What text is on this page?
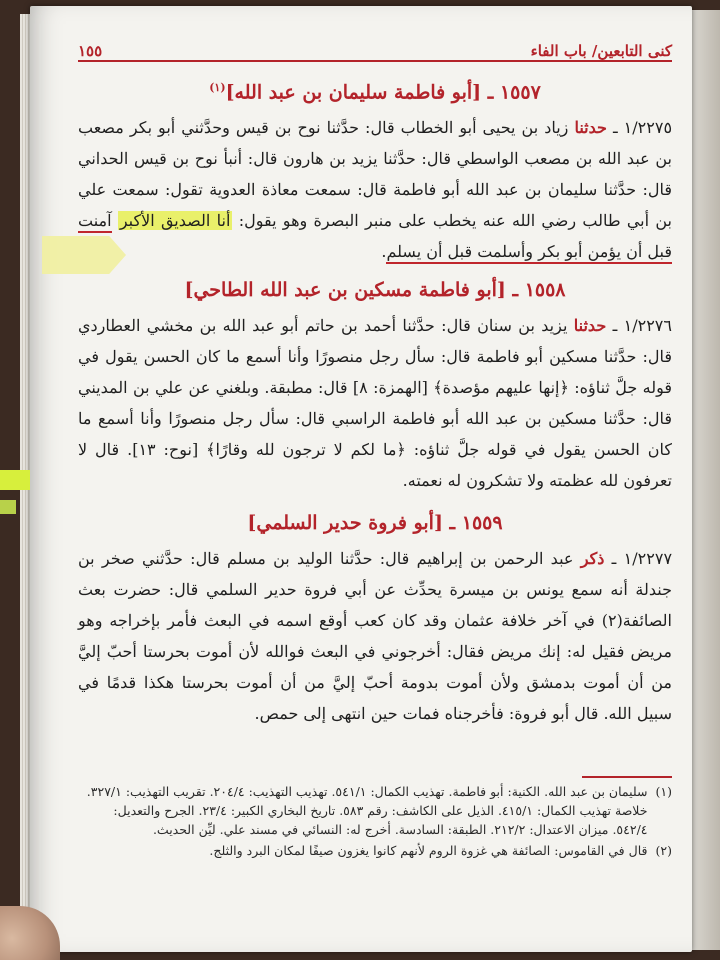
كنى التابعين/ باب الفاء
١٥٥
١٥٥٧ ـ [أبو فاطمة سليمان بن عبد الله]$^{(١)}$

١/٢٢٧٥ ـ حدثنا زياد بن يحيى أبو الخطاب قال: حدَّثنا نوح بن قيس وحدَّثني أبو بكر مصعب بن عبد الله بن مصعب الواسطي قال: حدَّثنا يزيد بن هارون قال: أنبأ نوح بن قيس الحداني قال: حدَّثنا سليمان بن عبد الله أبو فاطمة قال: سمعت معاذة العدوية تقول: سمعت علي بن أبي طالب رضي الله عنه يخطب على منبر البصرة وهو يقول: أنا الصديق الأكبر آمنت قبل أن يؤمن أبو بكر وأسلمت قبل أن يسلم.

١٥٥٨ ـ [أبو فاطمة مسكين بن عبد الله الطاحي]

١/٢٢٧٦ ـ حدثنا يزيد بن سنان قال: حدَّثنا أحمد بن حاتم أبو عبد الله بن مخشي العطاردي قال: حدَّثنا مسكين أبو فاطمة قال: سأل رجل منصورًا وأنا أسمع ما كان الحسن يقول في قوله جلَّ ثناؤه: ﴿إنها عليهم مؤصدة﴾ [الهمزة: ٨] قال: مطبقة. وبلغني عن علي بن المديني قال: حدَّثنا مسكين بن عبد الله أبو فاطمة الراسبي قال: سأل رجل منصورًا وأنا أسمع ما كان الحسن يقول في قوله جلَّ ثناؤه: ﴿ما لكم لا ترجون لله وقارًا﴾ [نوح: ١٣]. قال لا تعرفون لله عظمته ولا تشكرون له نعمته.

١٥٥٩ ـ [أبو فروة حدير السلمي]

١/٢٢٧٧ ـ ذكر عبد الرحمن بن إبراهيم قال: حدَّثنا الوليد بن مسلم قال: حدَّثني صخر بن جندلة أنه سمع يونس بن ميسرة يحدِّث عن أبي فروة حدير السلمي قال: حضرت بعث الصائفة(٢) في آخر خلافة عثمان وقد كان كعب أوقع اسمه في البعث فأمر بإخراجه وهو مريض فقيل له: إنك مريض فقال: أخرجوني في البعث فوالله لأن أموت بحرستا أحبّ إليَّ من أن أموت بدمشق ولأن أموت بدومة أحبّ إليَّ من أن أموت بحرستا هكذا قدمًا في سبيل الله. قال أبو فروة: فأخرجناه فمات حين انتهى إلى حمص.

(١)
سليمان بن عبد الله. الكنية: أبو فاطمة. تهذيب الكمال: ٥٤١/١. تهذيب التهذيب: ٢٠٤/٤. تقريب التهذيب: ٣٢٧/١. خلاصة تهذيب الكمال: ٤١٥/١. الذيل على الكاشف: رقم ٥٨٣. تاريخ البخاري الكبير: ٢٣/٤. الجرح والتعديل: ٥٤٢/٤. ميزان الاعتدال: ٢١٢/٢. الطبقة: السادسة. أخرج له: النسائي في مسند علي. ليِّن الحديث.
(٢)
قال في القاموس: الصائفة هي غزوة الروم لأنهم كانوا يغزون صيفًا لمكان البرد والثلج.
